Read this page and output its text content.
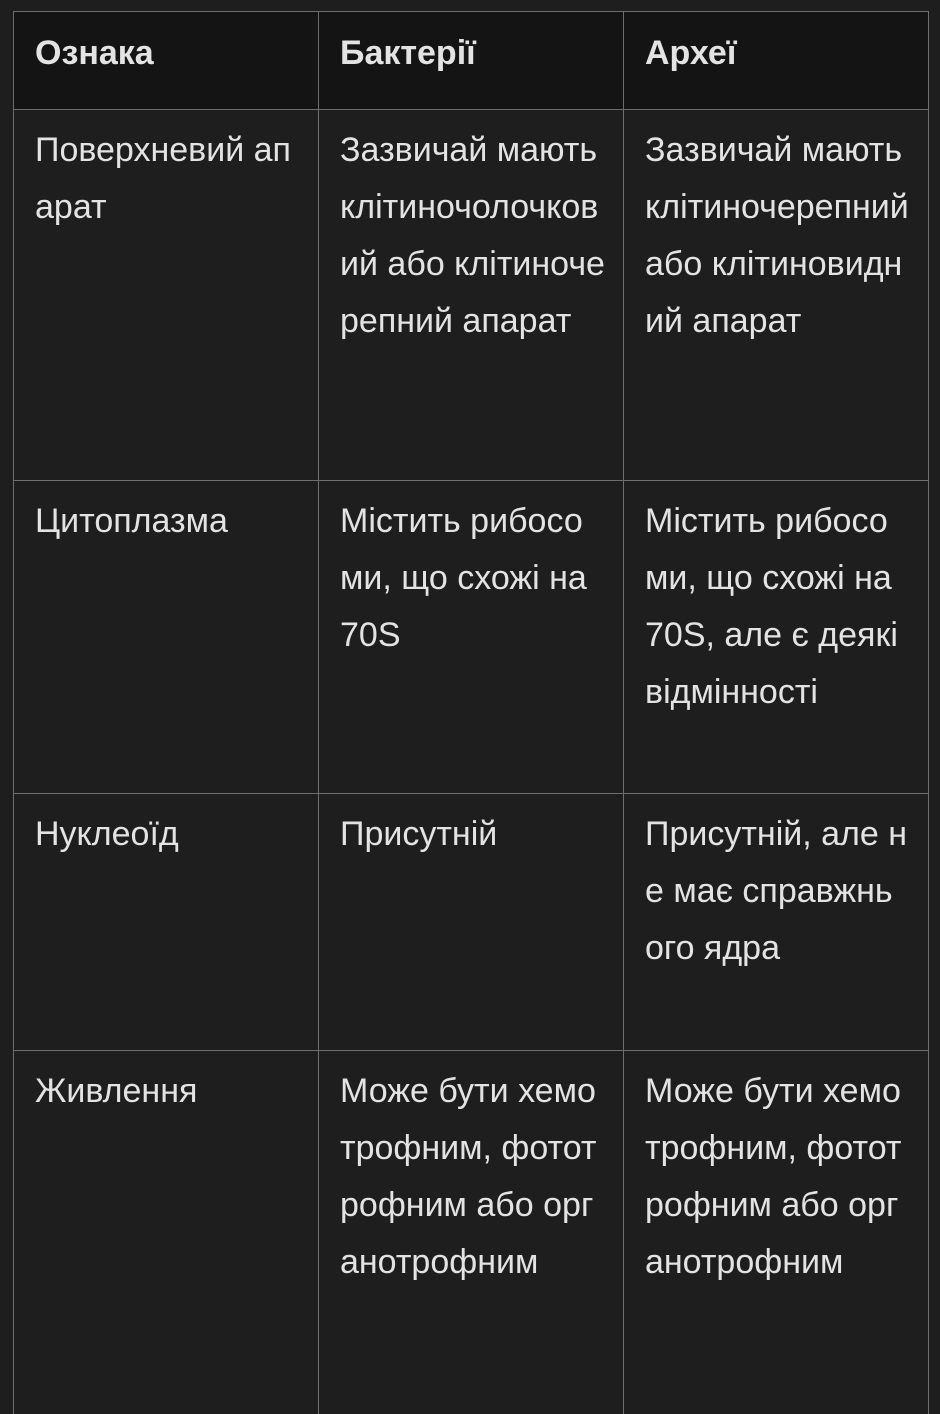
Ознака	Бактерії	Археї
Поверхневий апарат	Зазвичай мають клітиночолочковий або клітиночерепний апарат	Зазвичай мають клітиночерепний або клітиновидний апарат
Цитоплазма	Містить рибосоми, що схожі на 70S	Містить рибосоми, що схожі на 70S, але є деякі відмінності
Нуклеоїд	Присутній	Присутній, але не має справжнього ядра
Живлення	Може бути хемотрофним, фототрофним або органотрофним	Може бути хемотрофним, фототрофним або органотрофним
